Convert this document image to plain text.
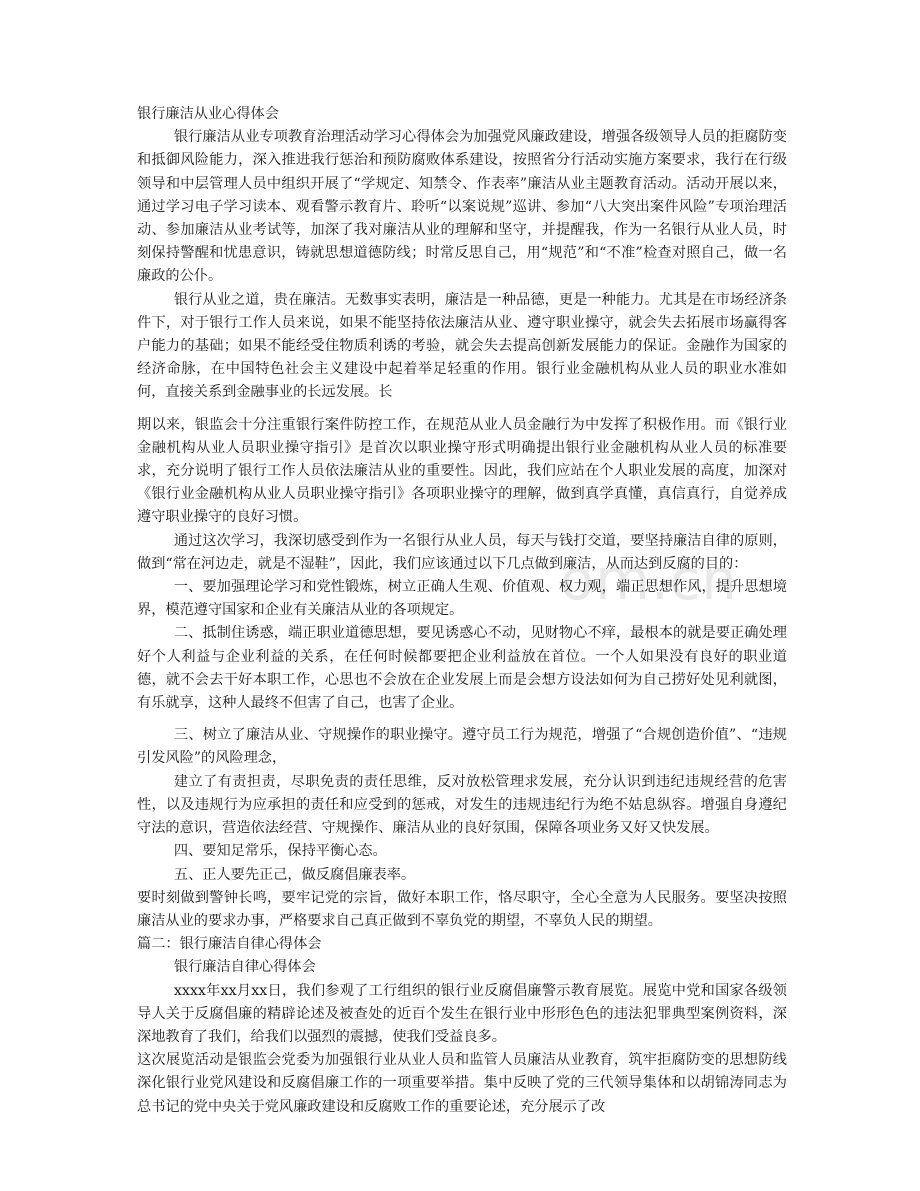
om.cn

银行廉洁从业心得体会

银行廉洁从业专项教育治理活动学习心得体会为加强党风廉政建设，增强各级领导人员的拒腐防变和抵御风险能力，深入推进我行惩治和预防腐败体系建设，按照省分行活动实施方案要求，我行在行级领导和中层管理人员中组织开展了“学规定、知禁令、作表率”廉洁从业主题教育活动。活动开展以来，通过学习电子学习读本、观看警示教育片、聆听“以案说规”巡讲、参加“八大突出案件风险”专项治理活动、参加廉洁从业考试等，加深了我对廉洁从业的理解和坚守，并提醒我，作为一名银行从业人员，时刻保持警醒和忧患意识，铸就思想道德防线；时常反思自己，用“规范”和“不准”检查对照自己，做一名廉政的公仆。

银行从业之道，贵在廉洁。无数事实表明，廉洁是一种品德，更是一种能力。尤其是在市场经济条件下，对于银行工作人员来说，如果不能坚持依法廉洁从业、遵守职业操守，就会失去拓展市场赢得客户能力的基础；如果不能经受住物质利诱的考验，就会失去提高创新发展能力的保证。金融作为国家的经济命脉，在中国特色社会主义建设中起着举足轻重的作用。银行业金融机构从业人员的职业水准如何，直接关系到金融事业的长远发展。长

期以来，银监会十分注重银行案件防控工作，在规范从业人员金融行为中发挥了积极作用。而《银行业金融机构从业人员职业操守指引》是首次以职业操守形式明确提出银行业金融机构从业人员的标准要求，充分说明了银行工作人员依法廉洁从业的重要性。因此，我们应站在个人职业发展的高度，加深对《银行业金融机构从业人员职业操守指引》各项职业操守的理解，做到真学真懂，真信真行，自觉养成遵守职业操守的良好习惯。

通过这次学习，我深切感受到作为一名银行从业人员，每天与钱打交道，要坚持廉洁自律的原则，做到“常在河边走，就是不湿鞋”，因此，我们应该通过以下几点做到廉洁，从而达到反腐的目的：

一、要加强理论学习和党性锻炼，树立正确人生观、价值观、权力观，端正思想作风，提升思想境界，模范遵守国家和企业有关廉洁从业的各项规定。

二、抵制住诱惑，端正职业道德思想，要见诱惑心不动，见财物心不痒，最根本的就是要正确处理好个人利益与企业利益的关系，在任何时候都要把企业利益放在首位。一个人如果没有良好的职业道德，就不会去干好本职工作，心思也不会放在企业发展上而是会想方设法如何为自己捞好处见利就图，有乐就享，这种人最终不但害了自己，也害了企业。

三、树立了廉洁从业、守规操作的职业操守。遵守员工行为规范，增强了“合规创造价值”、“违规引发风险”的风险理念，

建立了有责担责，尽职免责的责任思维，反对放松管理求发展，充分认识到违纪违规经营的危害性，以及违规行为应承担的责任和应受到的惩戒，对发生的违规违纪行为绝不姑息纵容。增强自身遵纪守法的意识，营造依法经营、守规操作、廉洁从业的良好氛围，保障各项业务又好又快发展。

四、要知足常乐，保持平衡心态。

五、正人要先正己，做反腐倡廉表率。

要时刻做到警钟长鸣，要牢记党的宗旨，做好本职工作，恪尽职守，全心全意为人民服务。要坚决按照廉洁从业的要求办事，严格要求自己真正做到不辜负党的期望，不辜负人民的期望。

篇二：银行廉洁自律心得体会

银行廉洁自律心得体会

xxxx年xx月xx日，我们参观了工行组织的银行业反腐倡廉警示教育展览。展览中党和国家各级领导人关于反腐倡廉的精辟论述及被查处的近百个发生在银行业中形形色色的违法犯罪典型案例资料，深深地教育了我们，给我们以强烈的震撼，使我们受益良多。

这次展览活动是银监会党委为加强银行业从业人员和监管人员廉洁从业教育，筑牢拒腐防变的思想防线深化银行业党风建设和反腐倡廉工作的一项重要举措。集中反映了党的三代领导集体和以胡锦涛同志为总书记的党中央关于党风廉政建设和反腐败工作的重要论述，充分展示了改
